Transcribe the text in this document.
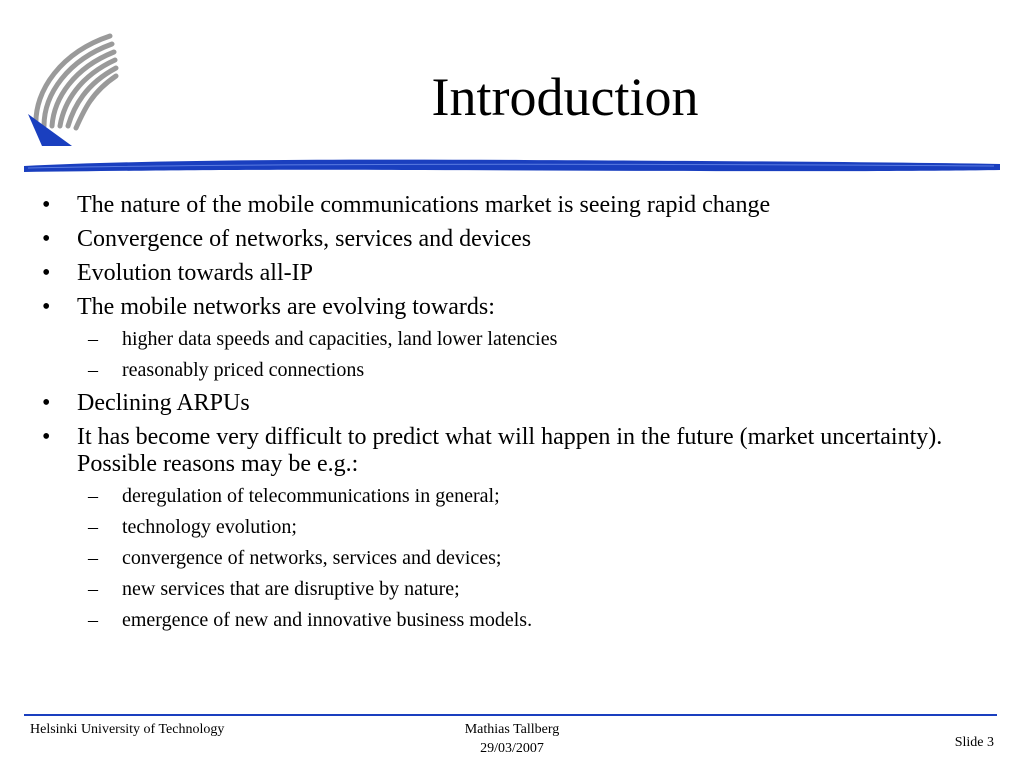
Introduction
• The nature of the mobile communications market is seeing rapid change
• Convergence of networks, services and devices
• Evolution towards all-IP
• The mobile networks are evolving towards:
– higher data speeds and capacities, land lower latencies
– reasonably priced connections
• Declining ARPUs
• It has become very difficult to predict what will happen in the future (market uncertainty). Possible reasons may be e.g.:
– deregulation of telecommunications in general;
– technology evolution;
– convergence of networks, services and devices;
– new services that are disruptive by nature;
– emergence of new and innovative business models.
Helsinki University of Technology	Mathias Tallberg
29/03/2007	Slide 3
